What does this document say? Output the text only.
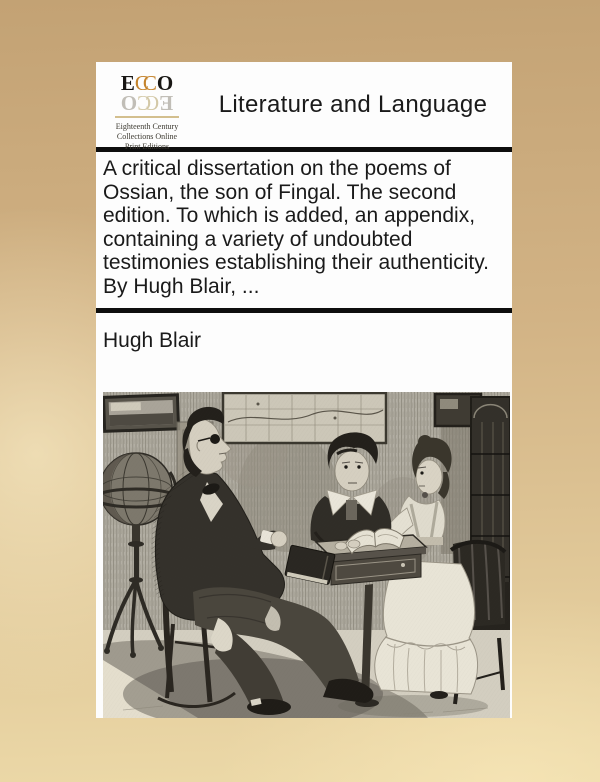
ECC O
ECCO
Eighteenth Century
Collections Online
Print Editions
Literature and Language
A critical dissertation on the poems of Ossian, the son of Fingal. The second edition. To which is added, an appendix, containing a variety of undoubted testimonies establishing their authenticity. By Hugh Blair, ...
Hugh Blair
